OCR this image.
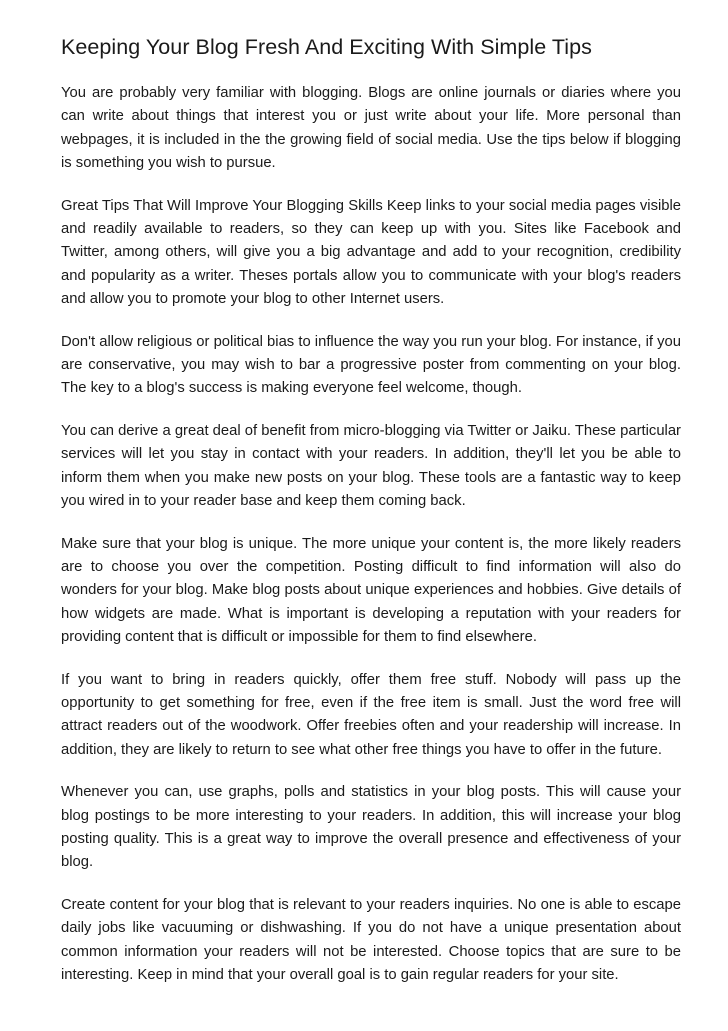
Keeping Your Blog Fresh And Exciting With Simple Tips

You are probably very familiar with blogging. Blogs are online journals or diaries where you can write about things that interest you or just write about your life. More personal than webpages, it is included in the the growing field of social media. Use the tips below if blogging is something you wish to pursue.

Great Tips That Will Improve Your Blogging Skills Keep links to your social media pages visible and readily available to readers, so they can keep up with you. Sites like Facebook and Twitter, among others, will give you a big advantage and add to your recognition, credibility and popularity as a writer. Theses portals allow you to communicate with your blog's readers and allow you to promote your blog to other Internet users.

Don't allow religious or political bias to influence the way you run your blog. For instance, if you are conservative, you may wish to bar a progressive poster from commenting on your blog. The key to a blog's success is making everyone feel welcome, though.

You can derive a great deal of benefit from micro-blogging via Twitter or Jaiku. These particular services will let you stay in contact with your readers. In addition, they'll let you be able to inform them when you make new posts on your blog. These tools are a fantastic way to keep you wired in to your reader base and keep them coming back.

Make sure that your blog is unique. The more unique your content is, the more likely readers are to choose you over the competition. Posting difficult to find information will also do wonders for your blog. Make blog posts about unique experiences and hobbies. Give details of how widgets are made. What is important is developing a reputation with your readers for providing content that is difficult or impossible for them to find elsewhere.

If you want to bring in readers quickly, offer them free stuff. Nobody will pass up the opportunity to get something for free, even if the free item is small. Just the word free will attract readers out of the woodwork. Offer freebies often and your readership will increase. In addition, they are likely to return to see what other free things you have to offer in the future.

Whenever you can, use graphs, polls and statistics in your blog posts. This will cause your blog postings to be more interesting to your readers. In addition, this will increase your blog posting quality. This is a great way to improve the overall presence and effectiveness of your blog.

Create content for your blog that is relevant to your readers inquiries. No one is able to escape daily jobs like vacuuming or dishwashing. If you do not have a unique presentation about common information your readers will not be interested. Choose topics that are sure to be interesting. Keep in mind that your overall goal is to gain regular readers for your site.
